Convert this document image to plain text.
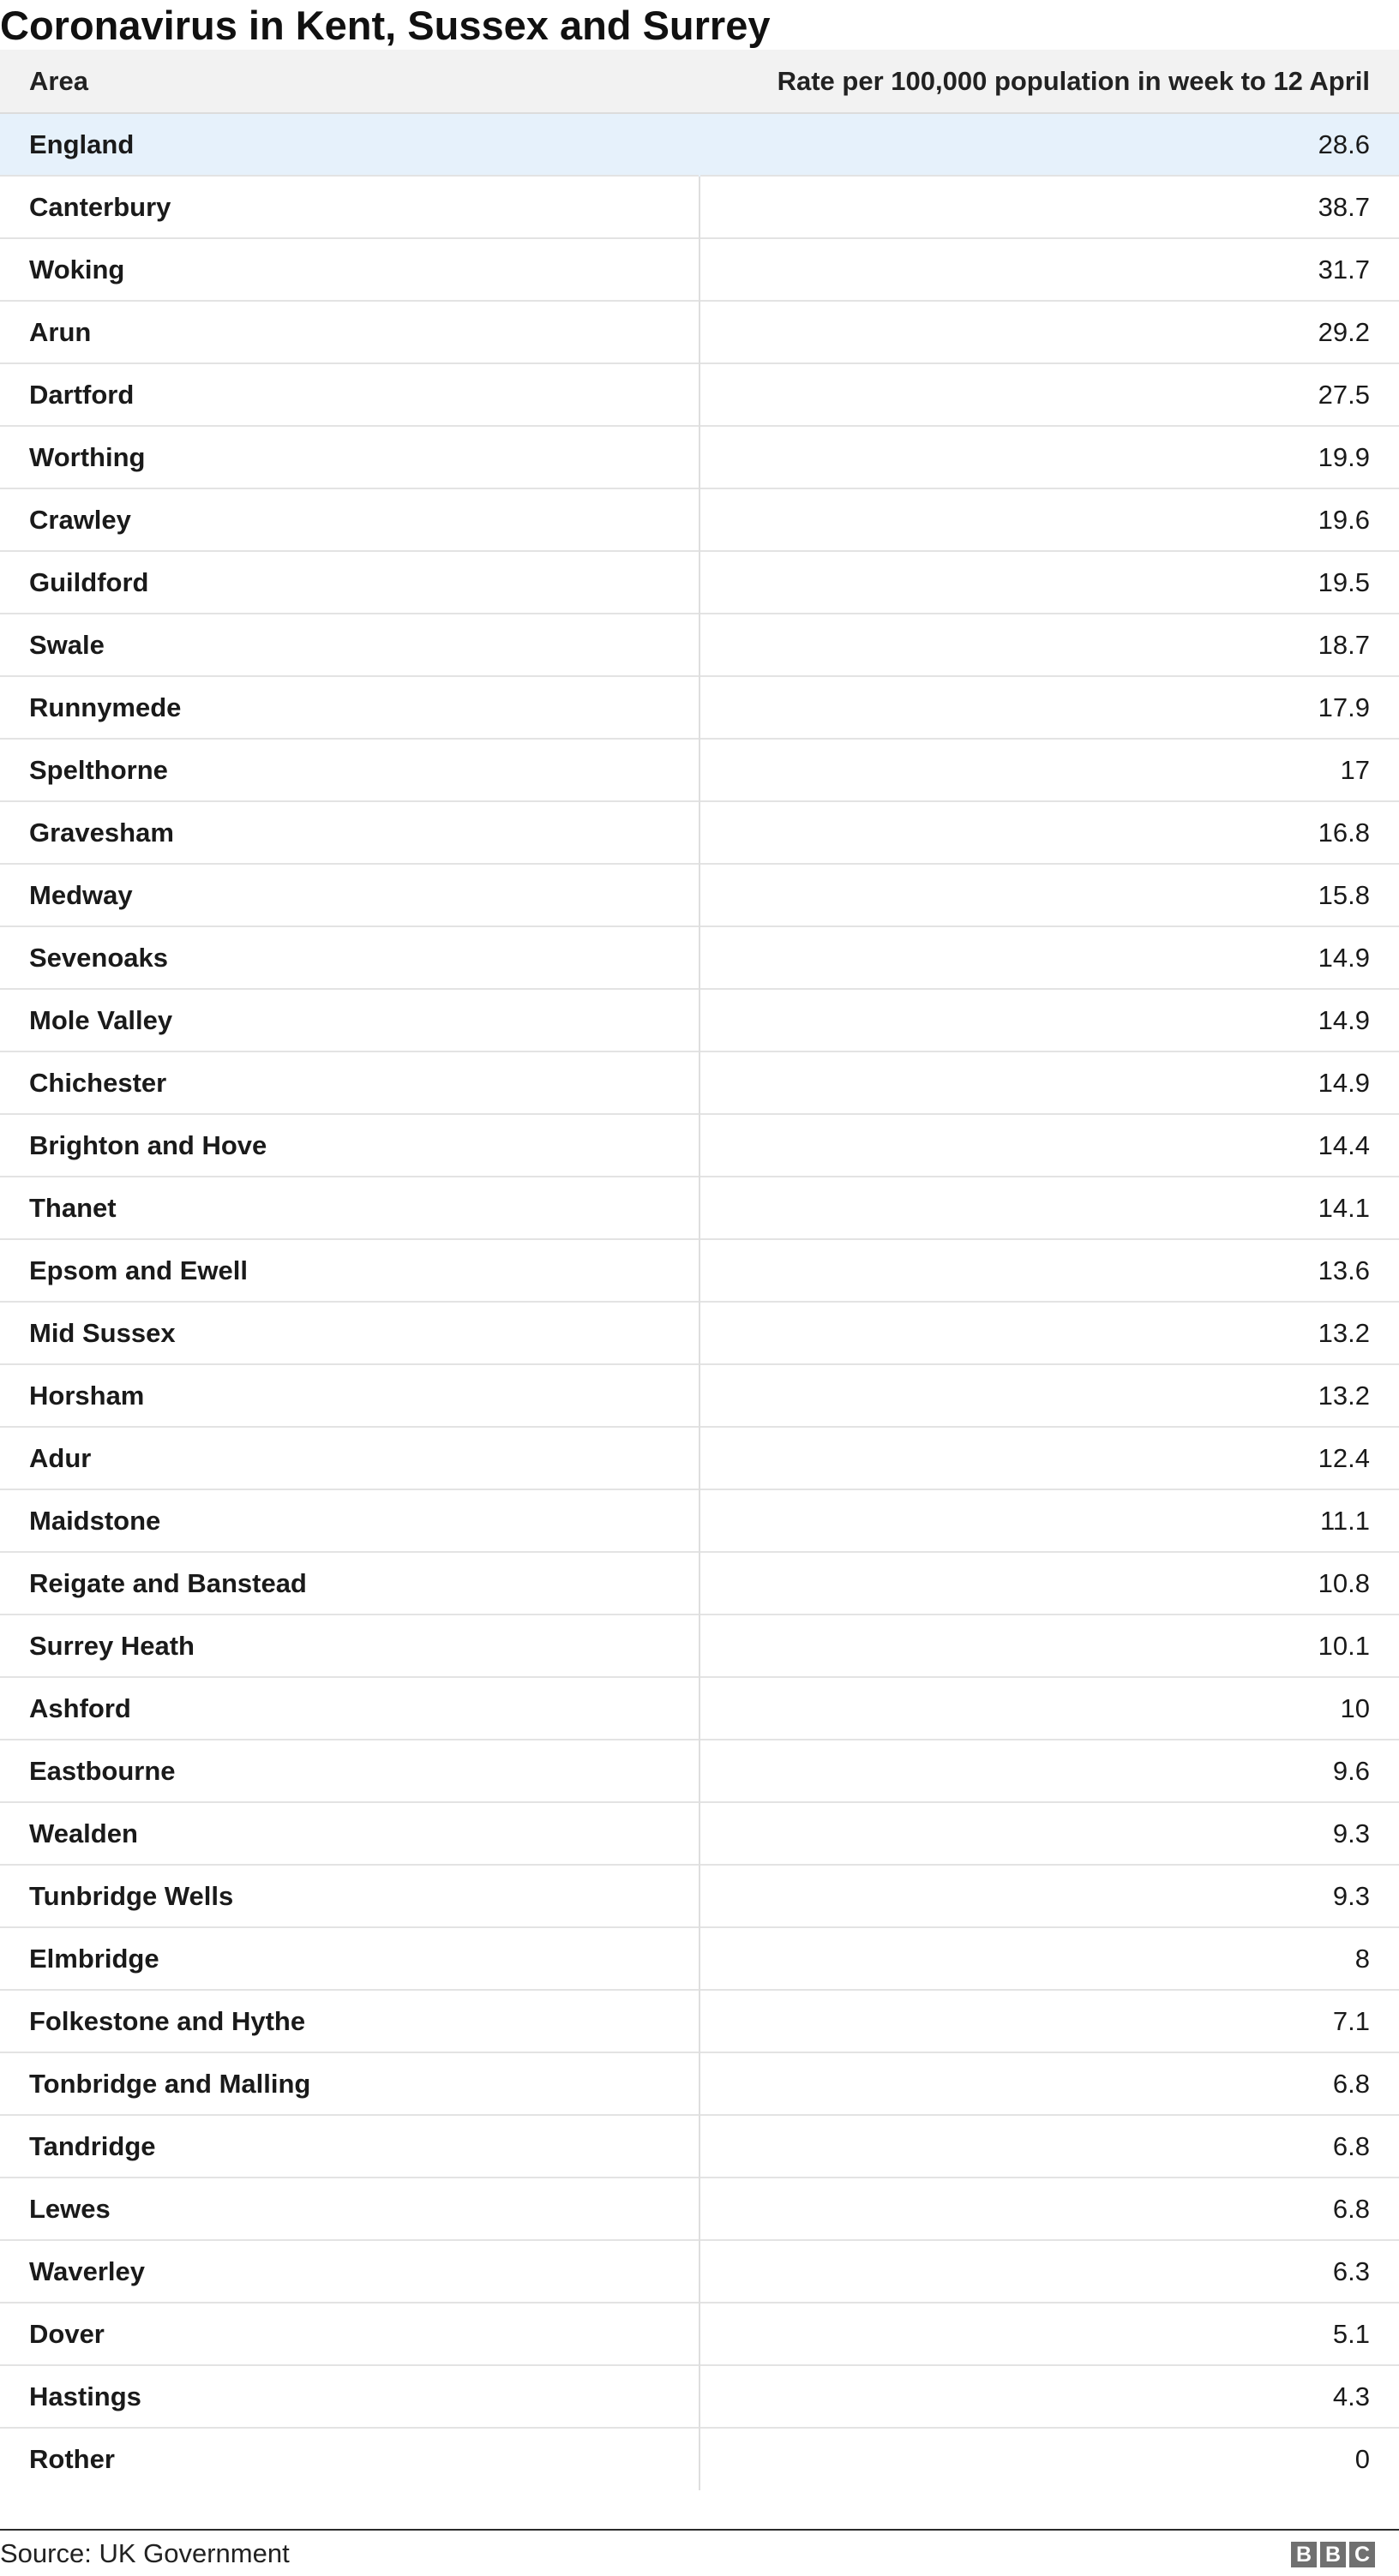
Coronavirus in Kent, Sussex and Surrey
Area	Rate per 100,000 population in week to 12 April
England	28.6
Canterbury	38.7
Woking	31.7
Arun	29.2
Dartford	27.5
Worthing	19.9
Crawley	19.6
Guildford	19.5
Swale	18.7
Runnymede	17.9
Spelthorne	17
Gravesham	16.8
Medway	15.8
Sevenoaks	14.9
Mole Valley	14.9
Chichester	14.9
Brighton and Hove	14.4
Thanet	14.1
Epsom and Ewell	13.6
Mid Sussex	13.2
Horsham	13.2
Adur	12.4
Maidstone	11.1
Reigate and Banstead	10.8
Surrey Heath	10.1
Ashford	10
Eastbourne	9.6
Wealden	9.3
Tunbridge Wells	9.3
Elmbridge	8
Folkestone and Hythe	7.1
Tonbridge and Malling	6.8
Tandridge	6.8
Lewes	6.8
Waverley	6.3
Dover	5.1
Hastings	4.3
Rother	0
Source: UK Government	B B C
